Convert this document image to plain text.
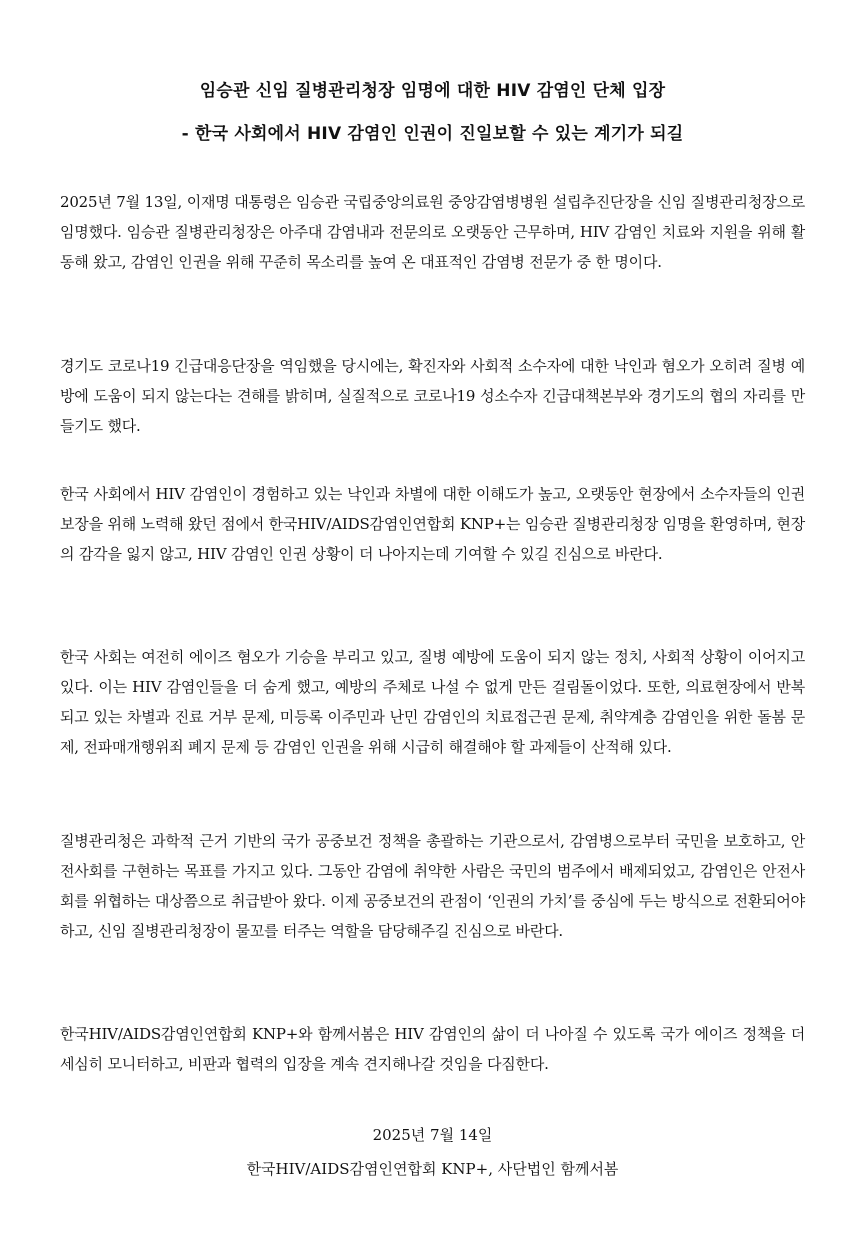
임승관 신임 질병관리청장 임명에 대한 HIV 감염인 단체 입장
- 한국 사회에서 HIV 감염인 인권이 진일보할 수 있는 계기가 되길

2025년 7월 13일, 이재명 대통령은 임승관 국립중앙의료원 중앙감염병병원 설립추진단장을 신임 질병관리청장으로 임명했다. 임승관 질병관리청장은 아주대 감염내과 전문의로 오랫동안 근무하며, HIV 감염인 치료와 지원을 위해 활동해 왔고, 감염인 인권을 위해 꾸준히 목소리를 높여 온 대표적인 감염병 전문가 중 한 명이다.

경기도 코로나19 긴급대응단장을 역임했을 당시에는, 확진자와 사회적 소수자에 대한 낙인과 혐오가 오히려 질병 예방에 도움이 되지 않는다는 견해를 밝히며, 실질적으로 코로나19 성소수자 긴급대책본부와 경기도의 협의 자리를 만들기도 했다.

한국 사회에서 HIV 감염인이 경험하고 있는 낙인과 차별에 대한 이해도가 높고, 오랫동안 현장에서 소수자들의 인권 보장을 위해 노력해 왔던 점에서 한국HIV/AIDS감염인연합회 KNP+는 임승관 질병관리청장 임명을 환영하며, 현장의 감각을 잃지 않고, HIV 감염인 인권 상황이 더 나아지는데 기여할 수 있길 진심으로 바란다.

한국 사회는 여전히 에이즈 혐오가 기승을 부리고 있고, 질병 예방에 도움이 되지 않는 정치, 사회적 상황이 이어지고 있다. 이는 HIV 감염인들을 더 숨게 했고, 예방의 주체로 나설 수 없게 만든 걸림돌이었다. 또한, 의료현장에서 반복되고 있는 차별과 진료 거부 문제, 미등록 이주민과 난민 감염인의 치료접근권 문제, 취약계층 감염인을 위한 돌봄 문제, 전파매개행위죄 폐지 문제 등 감염인 인권을 위해 시급히 해결해야 할 과제들이 산적해 있다.

질병관리청은 과학적 근거 기반의 국가 공중보건 정책을 총괄하는 기관으로서, 감염병으로부터 국민을 보호하고, 안전사회를 구현하는 목표를 가지고 있다. 그동안 감염에 취약한 사람은 국민의 범주에서 배제되었고, 감염인은 안전사회를 위협하는 대상쯤으로 취급받아 왔다. 이제 공중보건의 관점이 ‘인권의 가치’를 중심에 두는 방식으로 전환되어야 하고, 신임 질병관리청장이 물꼬를 터주는 역할을 담당해주길 진심으로 바란다.

한국HIV/AIDS감염인연합회 KNP+와 함께서봄은 HIV 감염인의 삶이 더 나아질 수 있도록 국가 에이즈 정책을 더 세심히 모니터하고, 비판과 협력의 입장을 계속 견지해나갈 것임을 다짐한다.

2025년 7월 14일

한국HIV/AIDS감염인연합회 KNP+, 사단법인 함께서봄
